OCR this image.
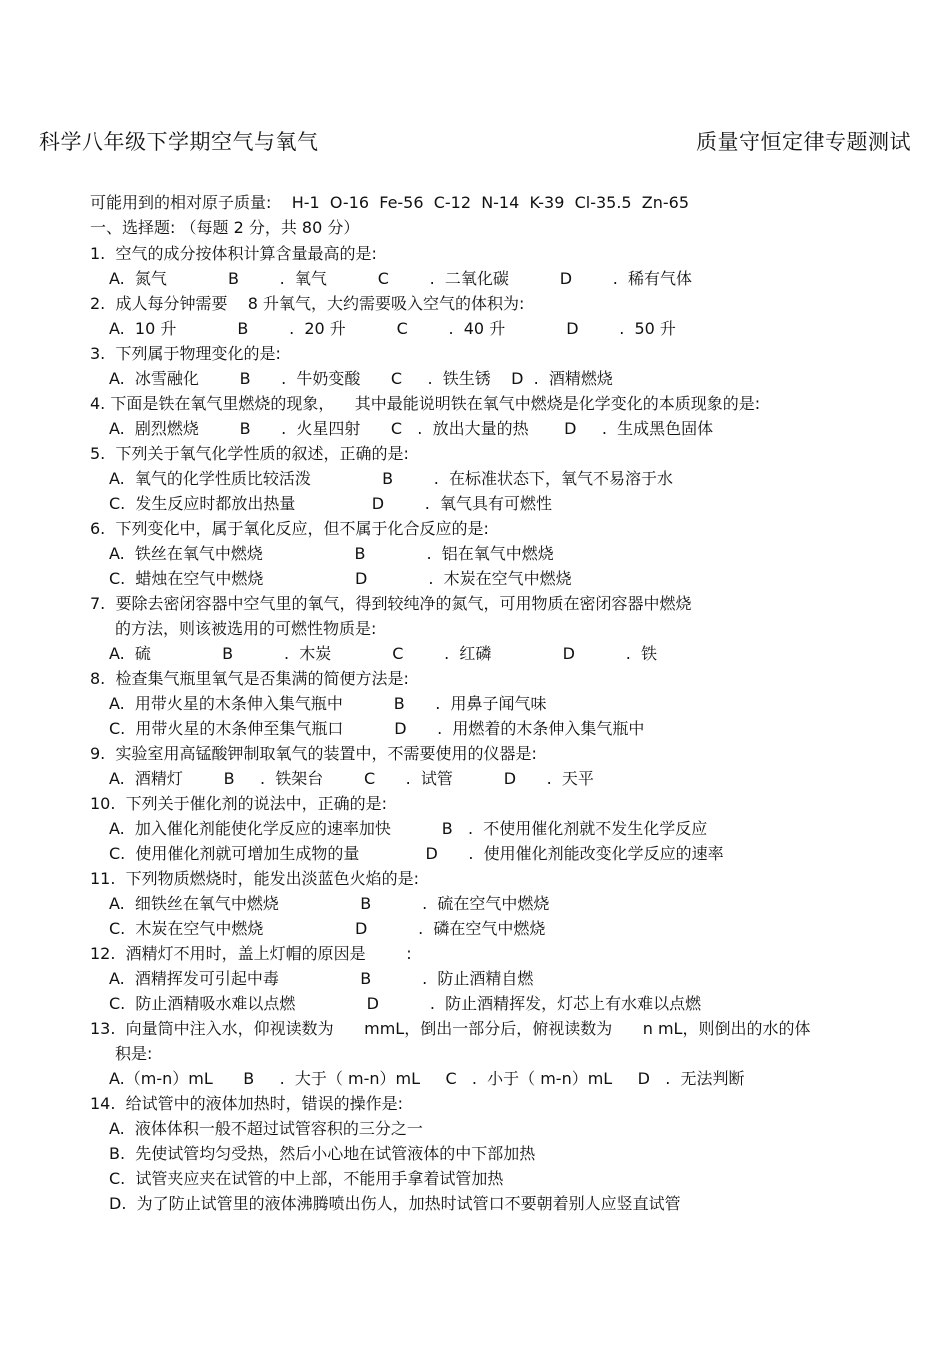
科学八年级下学期空气与氧气        质量守恒定律专题测试
可能用到的相对原子质量:    H-1  O-16  Fe-56  C-12  N-14  K-39  Cl-35.5  Zn-65
一、选择题: （每题 2 分，共 80 分）
1.  空气的成分按体积计算含量最高的是:
A.  氮气            B        .  氧气          C        .  二氧化碳          D        .  稀有气体
2.  成人每分钟需要    8 升氧气，大约需要吸入空气的体积为:
A.  10 升            B        .  20 升          C        .  40 升            D        .  50 升
3.  下列属于物理变化的是:
A.  冰雪融化        B      .  牛奶变酸      C     .  铁生锈    D  .  酒精燃烧
4. 下面是铁在氧气里燃烧的现象，    其中最能说明铁在氧气中燃烧是化学变化的本质现象的是:
A.  剧烈燃烧        B      .  火星四射      C   .  放出大量的热       D     .  生成黑色固体
5.  下列关于氧气化学性质的叙述，正确的是:
A.  氧气的化学性质比较活泼              B        .  在标准状态下，氧气不易溶于水
C.  发生反应时都放出热量               D        .  氧气具有可燃性
6.  下列变化中，属于氧化反应，但不属于化合反应的是:
A.  铁丝在氧气中燃烧                  B            .  铝在氧气中燃烧
C.  蜡烛在空气中燃烧                  D            .  木炭在空气中燃烧
7.  要除去密闭容器中空气里的氧气，得到较纯净的氮气，可用物质在密闭容器中燃烧
的方法，则该被选用的可燃性物质是:
A.  硫              B          .  木炭            C        .  红磷              D          .  铁
8.  检查集气瓶里氧气是否集满的简便方法是:
A.  用带火星的木条伸入集气瓶中          B      .  用鼻子闻气味
C.  用带火星的木条伸至集气瓶口          D      .  用燃着的木条伸入集气瓶中
9.  实验室用高锰酸钾制取氧气的装置中，不需要使用的仪器是:
A.  酒精灯        B     .  铁架台        C      .  试管          D      .  天平
10.  下列关于催化剂的说法中，正确的是:
A.  加入催化剂能使化学反应的速率加快          B   .  不使用催化剂就不发生化学反应
C.  使用催化剂就可增加生成物的量             D      .  使用催化剂能改变化学反应的速率
11.  下列物质燃烧时，能发出淡蓝色火焰的是:
A.  细铁丝在氧气中燃烧                B          .  硫在空气中燃烧
C.  木炭在空气中燃烧                  D          .  磷在空气中燃烧
12.  酒精灯不用时，盖上灯帽的原因是        :
A.  酒精挥发可引起中毒                B          .  防止酒精自燃
C.  防止酒精吸水难以点燃              D          .  防止酒精挥发，灯芯上有水难以点燃
13.  向量筒中注入水，仰视读数为      mmL，倒出一部分后，俯视读数为      n mL，则倒出的水的体
积是:
A.（m-n）mL      B     .  大于（ m-n）mL     C   .  小于（ m-n）mL     D   .  无法判断
14.  给试管中的液体加热时，错误的操作是:
A.  液体体积一般不超过试管容积的三分之一
B.  先使试管均匀受热，然后小心地在试管液体的中下部加热
C.  试管夹应夹在试管的中上部，不能用手拿着试管加热
D.  为了防止试管里的液体沸腾喷出伤人，加热时试管口不要朝着别人应竖直试管
